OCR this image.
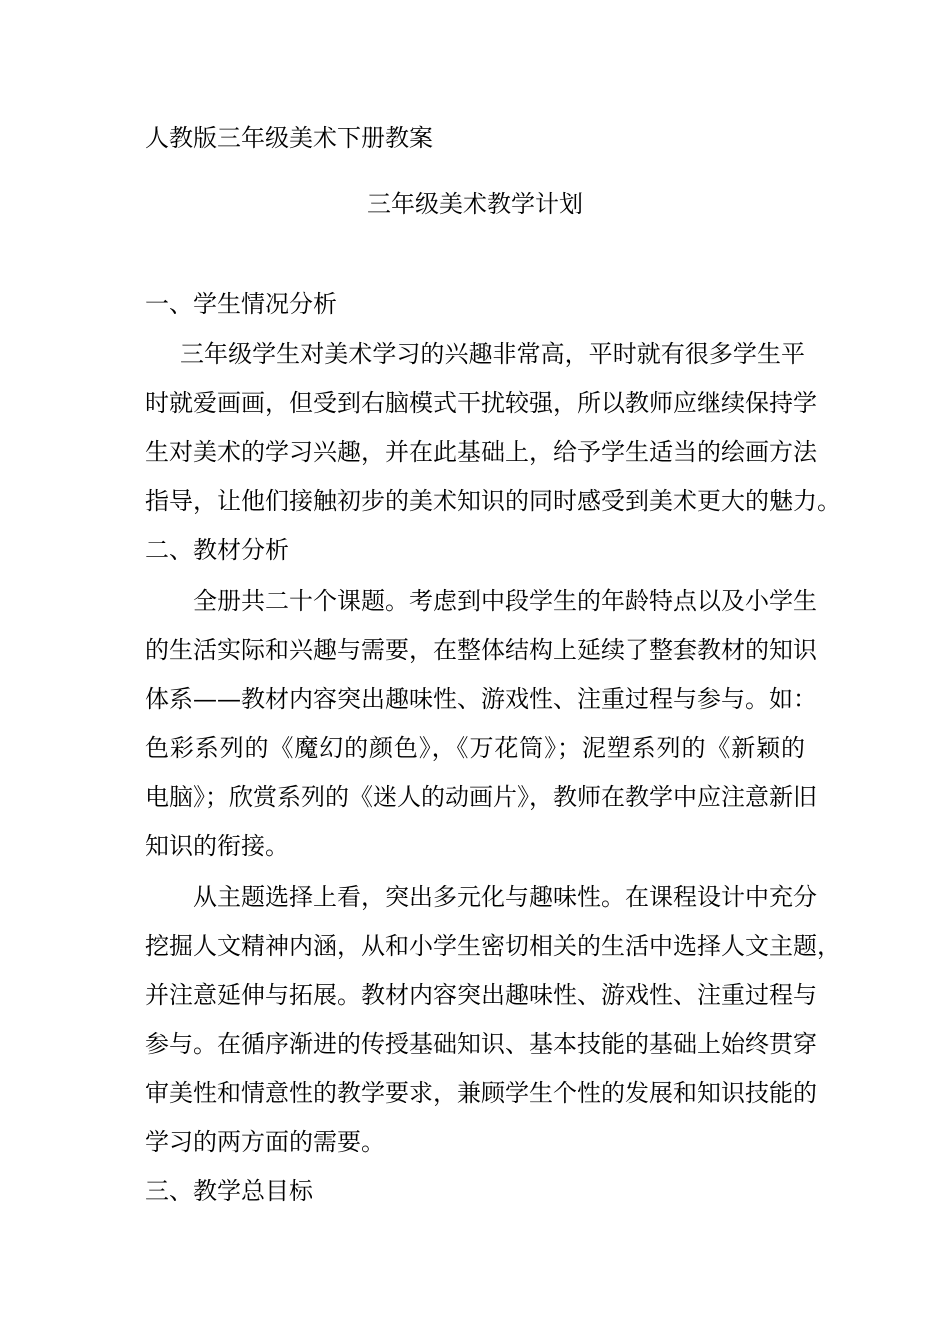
人教版三年级美术下册教案
三年级美术教学计划
一、学生情况分析
三年级学生对美术学习的兴趣非常高，平时就有很多学生平
时就爱画画，但受到右脑模式干扰较强，所以教师应继续保持学
生对美术的学习兴趣，并在此基础上，给予学生适当的绘画方法
指导，让他们接触初步的美术知识的同时感受到美术更大的魅力。
二、教材分析
全册共二十个课题。考虑到中段学生的年龄特点以及小学生
的生活实际和兴趣与需要，在整体结构上延续了整套教材的知识
体系——教材内容突出趣味性、游戏性、注重过程与参与。如：
色彩系列的《魔幻的颜色》，《万花筒》；泥塑系列的《新颖的
电脑》；欣赏系列的《迷人的动画片》，教师在教学中应注意新旧
知识的衔接。
从主题选择上看，突出多元化与趣味性。在课程设计中充分
挖掘人文精神内涵，从和小学生密切相关的生活中选择人文主题，
并注意延伸与拓展。教材内容突出趣味性、游戏性、注重过程与
参与。在循序渐进的传授基础知识、基本技能的基础上始终贯穿
审美性和情意性的教学要求，兼顾学生个性的发展和知识技能的
学习的两方面的需要。
三、教学总目标
